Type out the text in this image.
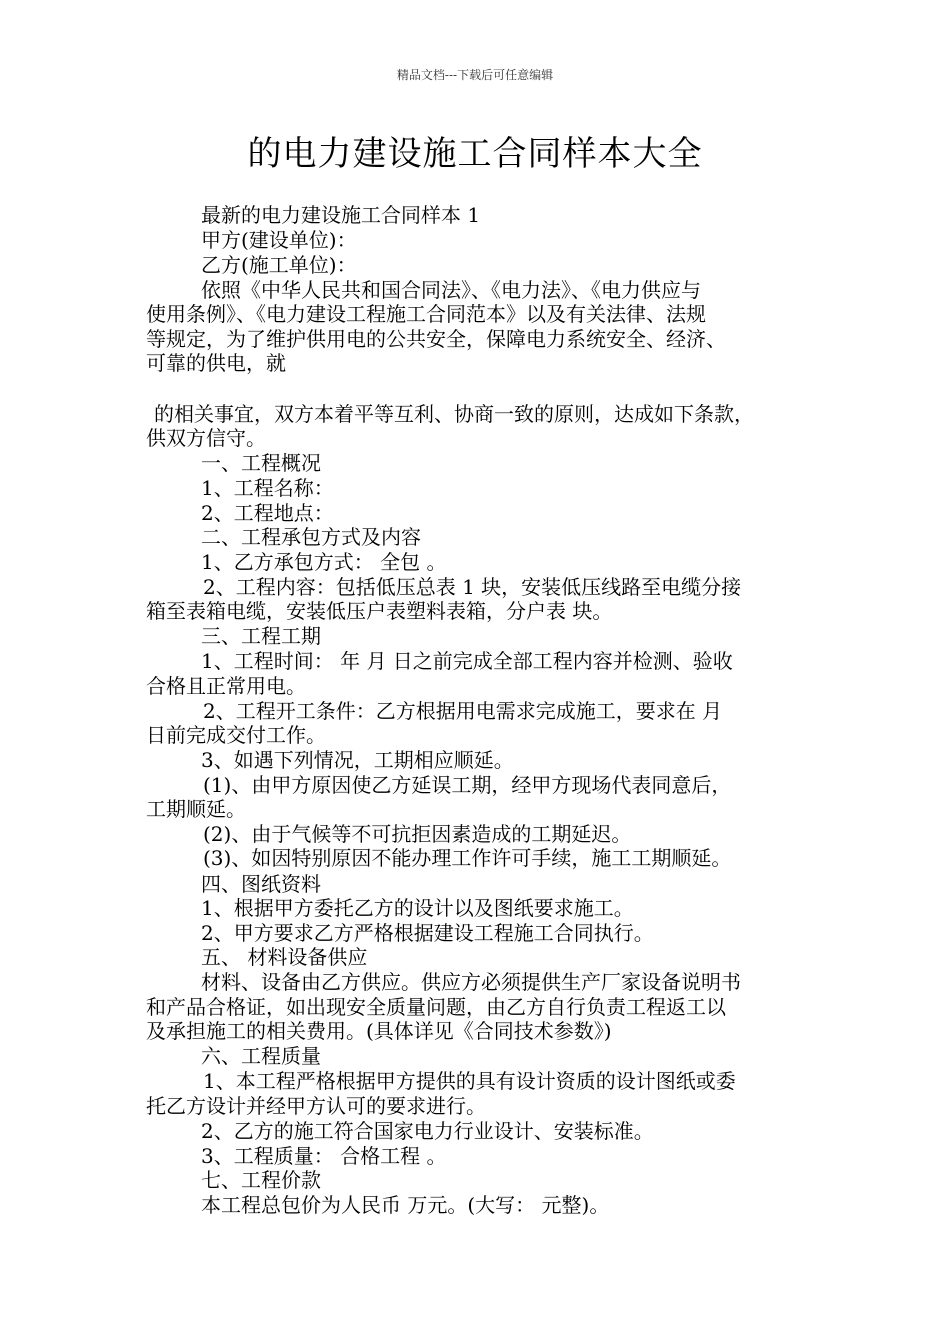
精品文档---下载后可任意编辑
的电力建设施工合同样本大全
最新的电力建设施工合同样本 1
甲方(建设单位)：
乙方(施工单位)：
依照《中华人民共和国合同法》、《电力法》、《电力供应与
使用条例》、《电力建设工程施工合同范本》以及有关法律、法规
等规定，为了维护供用电的公共安全，保障电力系统安全、经济、
可靠的供电，就
的相关事宜，双方本着平等互利、协商一致的原则，达成如下条款，
供双方信守。
一、工程概况
1、工程名称：
2、工程地点：
二、工程承包方式及内容
1、乙方承包方式： 全包 。
2、工程内容：包括低压总表 1 块，安装低压线路至电缆分接
箱至表箱电缆，安装低压户表塑料表箱，分户表 块。
三、工程工期
1、工程时间： 年 月 日之前完成全部工程内容并检测、验收
合格且正常用电。
2、工程开工条件：乙方根据用电需求完成施工，要求在 月
日前完成交付工作。
3、如遇下列情况，工期相应顺延。
(1)、由甲方原因使乙方延误工期，经甲方现场代表同意后，
工期顺延。
(2)、由于气候等不可抗拒因素造成的工期延迟。
(3)、如因特别原因不能办理工作许可手续，施工工期顺延。
四、图纸资料
1、根据甲方委托乙方的设计以及图纸要求施工。
2、甲方要求乙方严格根据建设工程施工合同执行。
五、 材料设备供应
材料、设备由乙方供应。供应方必须提供生产厂家设备说明书
和产品合格证，如出现安全质量问题，由乙方自行负责工程返工以
及承担施工的相关费用。(具体详见《合同技术参数》)
六、工程质量
1、本工程严格根据甲方提供的具有设计资质的设计图纸或委
托乙方设计并经甲方认可的要求进行。
2、乙方的施工符合国家电力行业设计、安装标准。
3、工程质量： 合格工程 。
七、工程价款
本工程总包价为人民币 万元。(大写： 元整)。
